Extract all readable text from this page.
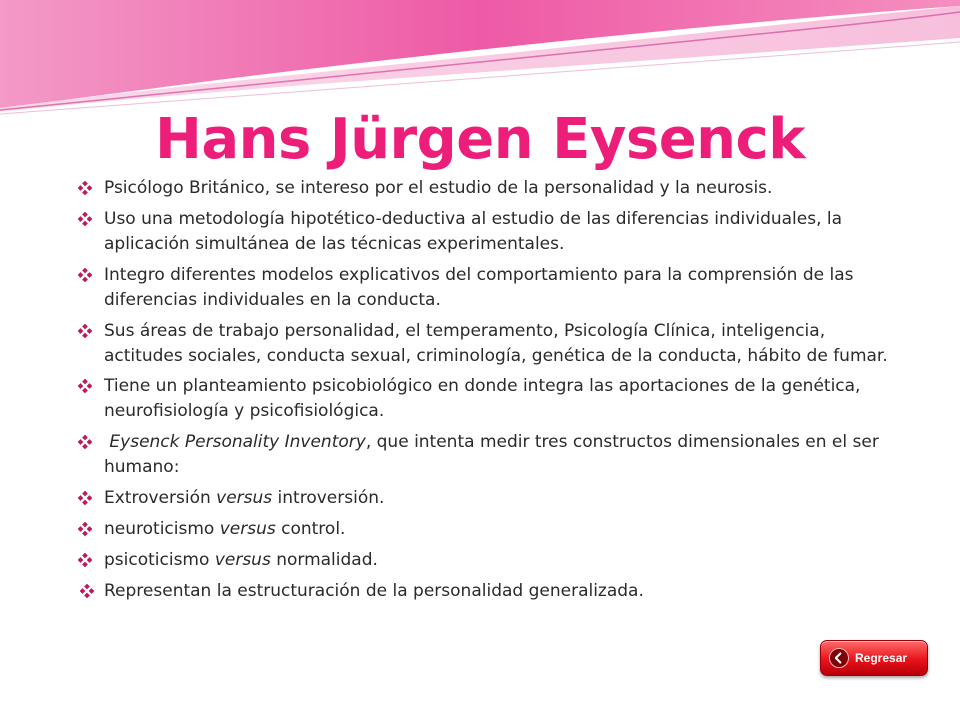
Hans Jürgen Eysenck
Psicólogo Británico, se intereso por el estudio de la personalidad y la neurosis.
Uso una metodología hipotético-deductiva al estudio de las diferencias individuales, la aplicación simultánea de las técnicas experimentales.
Integro diferentes modelos explicativos del comportamiento para la comprensión de las diferencias individuales en la conducta.
Sus áreas de trabajo personalidad, el temperamento, Psicología Clínica, inteligencia, actitudes sociales, conducta sexual, criminología, genética de la conducta, hábito de fumar.
Tiene un planteamiento psicobiológico en donde integra las aportaciones de la genética, neurofisiología y psicofisiológica.
Eysenck Personality Inventory, que intenta medir tres constructos dimensionales en el ser humano:
Extroversión versus introversión.
neuroticismo versus control.
psicoticismo versus normalidad.
Representan la estructuración de la personalidad generalizada.
Regresar
